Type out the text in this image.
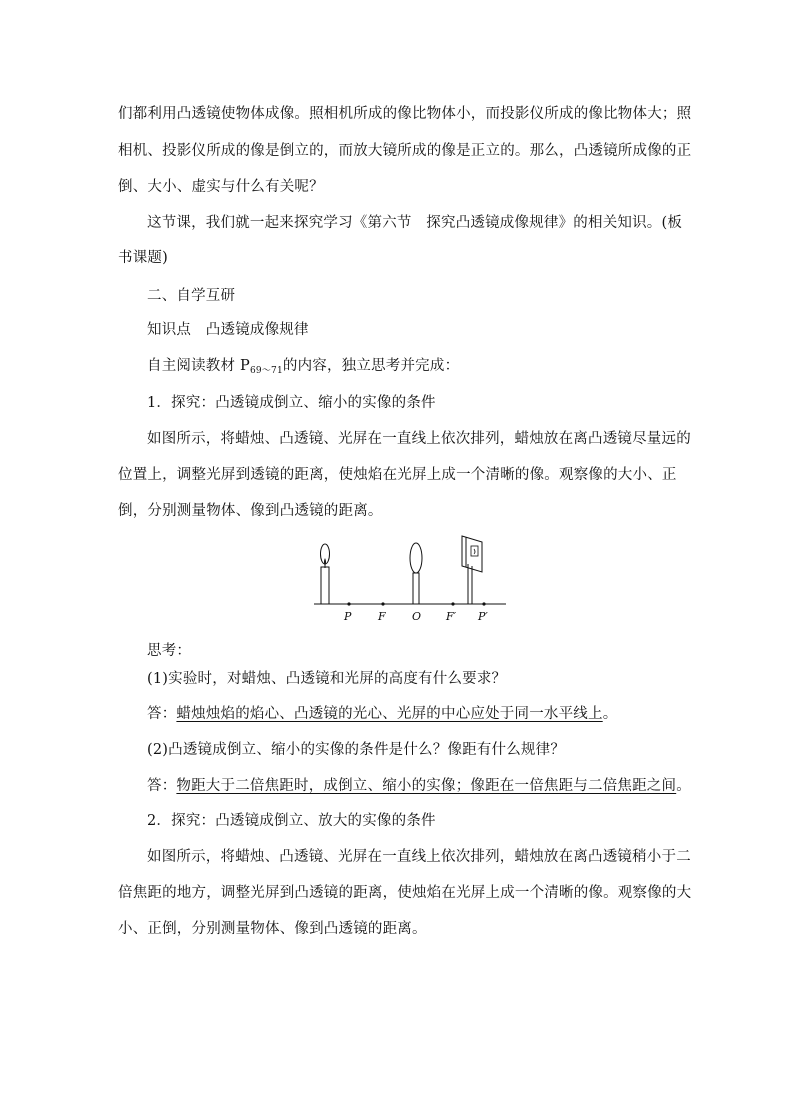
们都利用凸透镜使物体成像。照相机所成的像比物体小，而投影仪所成的像比物体大；照
相机、投影仪所成的像是倒立的，而放大镜所成的像是正立的。那么，凸透镜所成像的正
倒、大小、虚实与什么有关呢？
这节课，我们就一起来探究学习《第六节　探究凸透镜成像规律》的相关知识。(板
书课题)
二、自学互研
知识点　凸透镜成像规律
自主阅读教材 $P_{69\sim 71}$的内容，独立思考并完成：
1．探究：凸透镜成倒立、缩小的实像的条件
如图所示，将蜡烛、凸透镜、光屏在一直线上依次排列，蜡烛放在离凸透镜尽量远的
位置上，调整光屏到透镜的距离，使烛焰在光屏上成一个清晰的像。观察像的大小、正
倒，分别测量物体、像到凸透镜的距离。
P F O F′ P′
思考：
(1)实验时，对蜡烛、凸透镜和光屏的高度有什么要求？
答：蜡烛烛焰的焰心、凸透镜的光心、光屏的中心应处于同一水平线上。
(2)凸透镜成倒立、缩小的实像的条件是什么？像距有什么规律？
答：物距大于二倍焦距时，成倒立、缩小的实像；像距在一倍焦距与二倍焦距之间。
2．探究：凸透镜成倒立、放大的实像的条件
如图所示，将蜡烛、凸透镜、光屏在一直线上依次排列，蜡烛放在离凸透镜稍小于二
倍焦距的地方，调整光屏到凸透镜的距离，使烛焰在光屏上成一个清晰的像。观察像的大
小、正倒，分别测量物体、像到凸透镜的距离。
